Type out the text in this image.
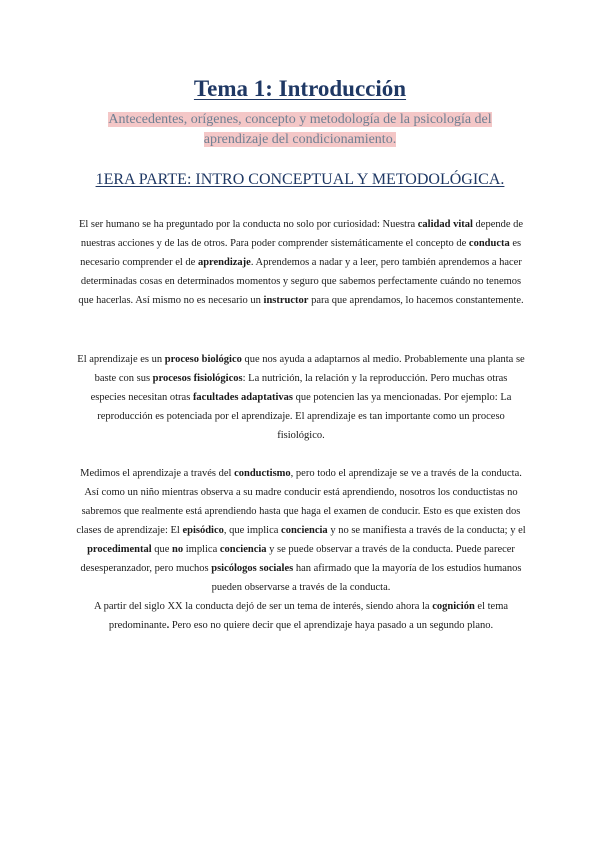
Tema 1: Introducción
Antecedentes, orígenes, concepto y metodología de la psicología del aprendizaje del condicionamiento.
1ERA PARTE: INTRO CONCEPTUAL Y METODOLÓGICA.
El ser humano se ha preguntado por la conducta no solo por curiosidad: Nuestra calidad vital depende de nuestras acciones y de las de otros. Para poder comprender sistemáticamente el concepto de conducta es necesario comprender el de aprendizaje. Aprendemos a nadar y a leer, pero también aprendemos a hacer determinadas cosas en determinados momentos y seguro que sabemos perfectamente cuándo no tenemos que hacerlas. Así mismo no es necesario un instructor para que aprendamos, lo hacemos constantemente.
El aprendizaje es un proceso biológico que nos ayuda a adaptarnos al medio. Probablemente una planta se baste con sus procesos fisiológicos: La nutrición, la relación y la reproducción. Pero muchas otras especies necesitan otras facultades adaptativas que potencien las ya mencionadas. Por ejemplo: La reproducción es potenciada por el aprendizaje. El aprendizaje es tan importante como un proceso fisiológico.
Medimos el aprendizaje a través del conductismo, pero todo el aprendizaje se ve a través de la conducta. Así como un niño mientras observa a su madre conducir está aprendiendo, nosotros los conductistas no sabremos que realmente está aprendiendo hasta que haga el examen de conducir. Esto es que existen dos clases de aprendizaje: El episódico, que implica conciencia y no se manifiesta a través de la conducta; y el procedimental que no implica conciencia y se puede observar a través de la conducta. Puede parecer desesperanzador, pero muchos psicólogos sociales han afirmado que la mayoría de los estudios humanos pueden observarse a través de la conducta.
A partir del siglo XX la conducta dejó de ser un tema de interés, siendo ahora la cognición el tema predominante. Pero eso no quiere decir que el aprendizaje haya pasado a un segundo plano.
